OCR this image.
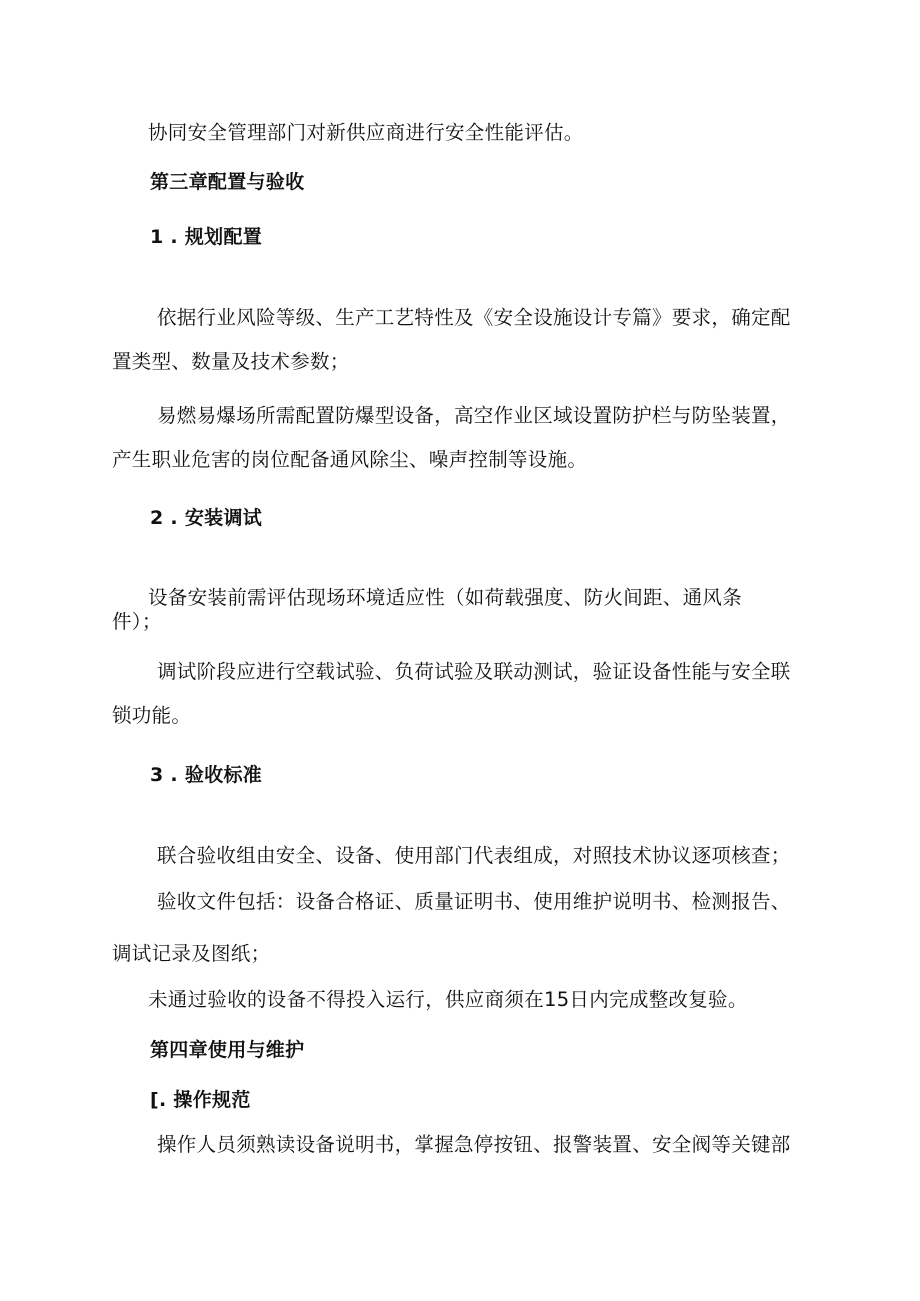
协同安全管理部门对新供应商进行安全性能评估。
第三章配置与验收
1 . 规划配置
依据行业风险等级、生产工艺特性及《安全设施设计专篇》要求，确定配
置类型、数量及技术参数；
易燃易爆场所需配置防爆型设备，高空作业区域设置防护栏与防坠装置，
产生职业危害的岗位配备通风除尘、噪声控制等设施。
2 . 安装调试
设备安装前需评估现场环境适应性（如荷载强度、防火间距、通风条
件）；
调试阶段应进行空载试验、负荷试验及联动测试，验证设备性能与安全联
锁功能。
3 . 验收标准
联合验收组由安全、设备、使用部门代表组成，对照技术协议逐项核查；
验收文件包括：设备合格证、质量证明书、使用维护说明书、检测报告、
调试记录及图纸；
未通过验收的设备不得投入运行，供应商须在15日内完成整改复验。
第四章使用与维护
[. 操作规范
操作人员须熟读设备说明书，掌握急停按钮、报警装置、安全阀等关键部
